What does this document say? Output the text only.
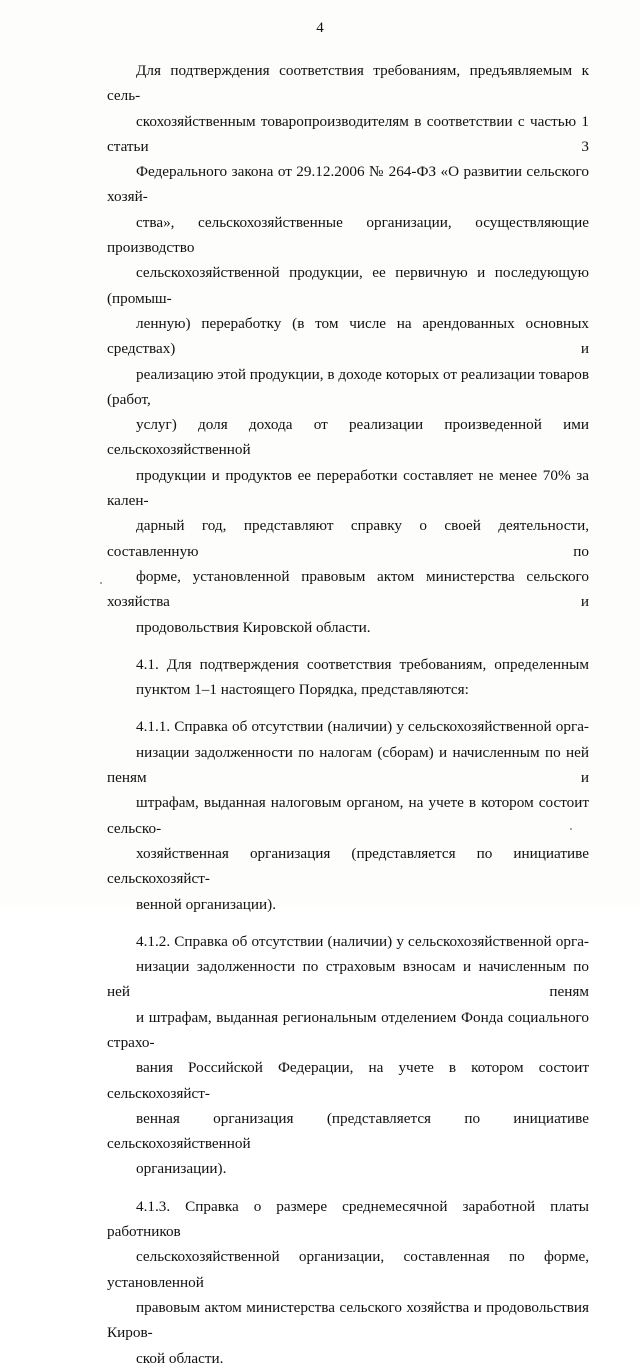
4

Для подтверждения соответствия требованиям, предъявляемым к сель-
скохозяйственным товаропроизводителям в соответствии с частью 1 статьи 3
Федерального закона от 29.12.2006 № 264-ФЗ «О развитии сельского хозяй-
ства», сельскохозяйственные организации, осуществляющие производство
сельскохозяйственной продукции, ее первичную и последующую (промыш-
ленную) переработку (в том числе на арендованных основных средствах) и
реализацию этой продукции, в доходе которых от реализации товаров (работ,
услуг) доля дохода от реализации произведенной ими сельскохозяйственной
продукции и продуктов ее переработки составляет не менее 70% за кален-
дарный год, представляют справку о своей деятельности, составленную по
форме, установленной правовым актом министерства сельского хозяйства и
продовольствия Кировской области.

4.1. Для подтверждения соответствия требованиям, определенным
пунктом 1–1 настоящего Порядка, представляются:

4.1.1. Справка об отсутствии (наличии) у сельскохозяйственной орга-
низации задолженности по налогам (сборам) и начисленным по ней пеням и
штрафам, выданная налоговым органом, на учете в котором состоит сельско-
хозяйственная организация (представляется по инициативе сельскохозяйст-
венной организации).

4.1.2. Справка об отсутствии (наличии) у сельскохозяйственной орга-
низации задолженности по страховым взносам и начисленным по ней пеням
и штрафам, выданная региональным отделением Фонда социального страхо-
вания Российской Федерации, на учете в котором состоит сельскохозяйст-
венная организация (представляется по инициативе сельскохозяйственной
организации).

4.1.3. Справка о размере среднемесячной заработной платы работников
сельскохозяйственной организации, составленная по форме, установленной
правовым актом министерства сельского хозяйства и продовольствия Киров-
ской области.
